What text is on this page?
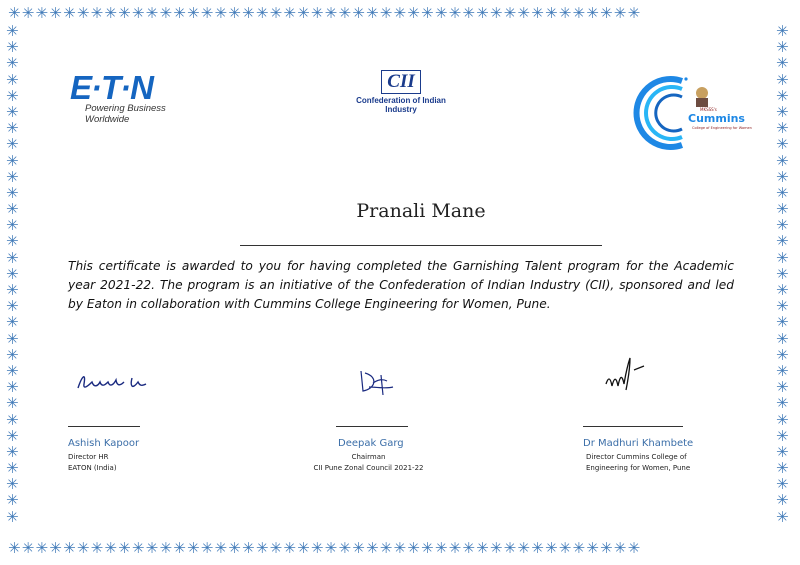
✳✳✳✳✳✳✳✳✳✳✳✳✳✳✳✳✳✳✳✳✳✳✳✳✳✳✳✳✳✳✳✳✳✳✳✳✳✳✳✳✳✳✳✳✳✳
✳✳✳✳✳✳✳✳✳✳✳✳✳✳✳✳✳✳✳✳✳✳✳✳✳✳✳✳✳✳✳✳✳✳✳✳✳✳✳✳✳✳✳✳✳✳
✳
✳
✳
✳
✳
✳
✳
✳
✳
✳
✳
✳
✳
✳
✳
✳
✳
✳
✳
✳
✳
✳
✳
✳
✳
✳
✳
✳
✳
✳
✳
✳
✳
✳
✳
✳
✳
✳
✳
✳
✳
✳
✳
✳
✳
✳
✳
✳
✳
✳
✳
✳
✳
✳
✳
✳
✳
✳
✳
✳
✳
✳
E·T·N
Powering Business Worldwide
CII
Confederation of Indian Industry	MKSSS's
Cummins
College of Engineering for Women
Pranali Mane
This certificate is awarded to you for having completed the Garnishing Talent program for the Academic year 2021-22. The program is an initiative of the Confederation of Indian Industry (CII), sponsored and led by Eaton in collaboration with Cummins College Engineering for Women, Pune.
Ashish Kapoor
Director HR
EATON (India)
Deepak Garg
Chairman
CII Pune Zonal Council 2021-22
Dr Madhuri Khambete
Director Cummins College of
Engineering for Women, Pune
